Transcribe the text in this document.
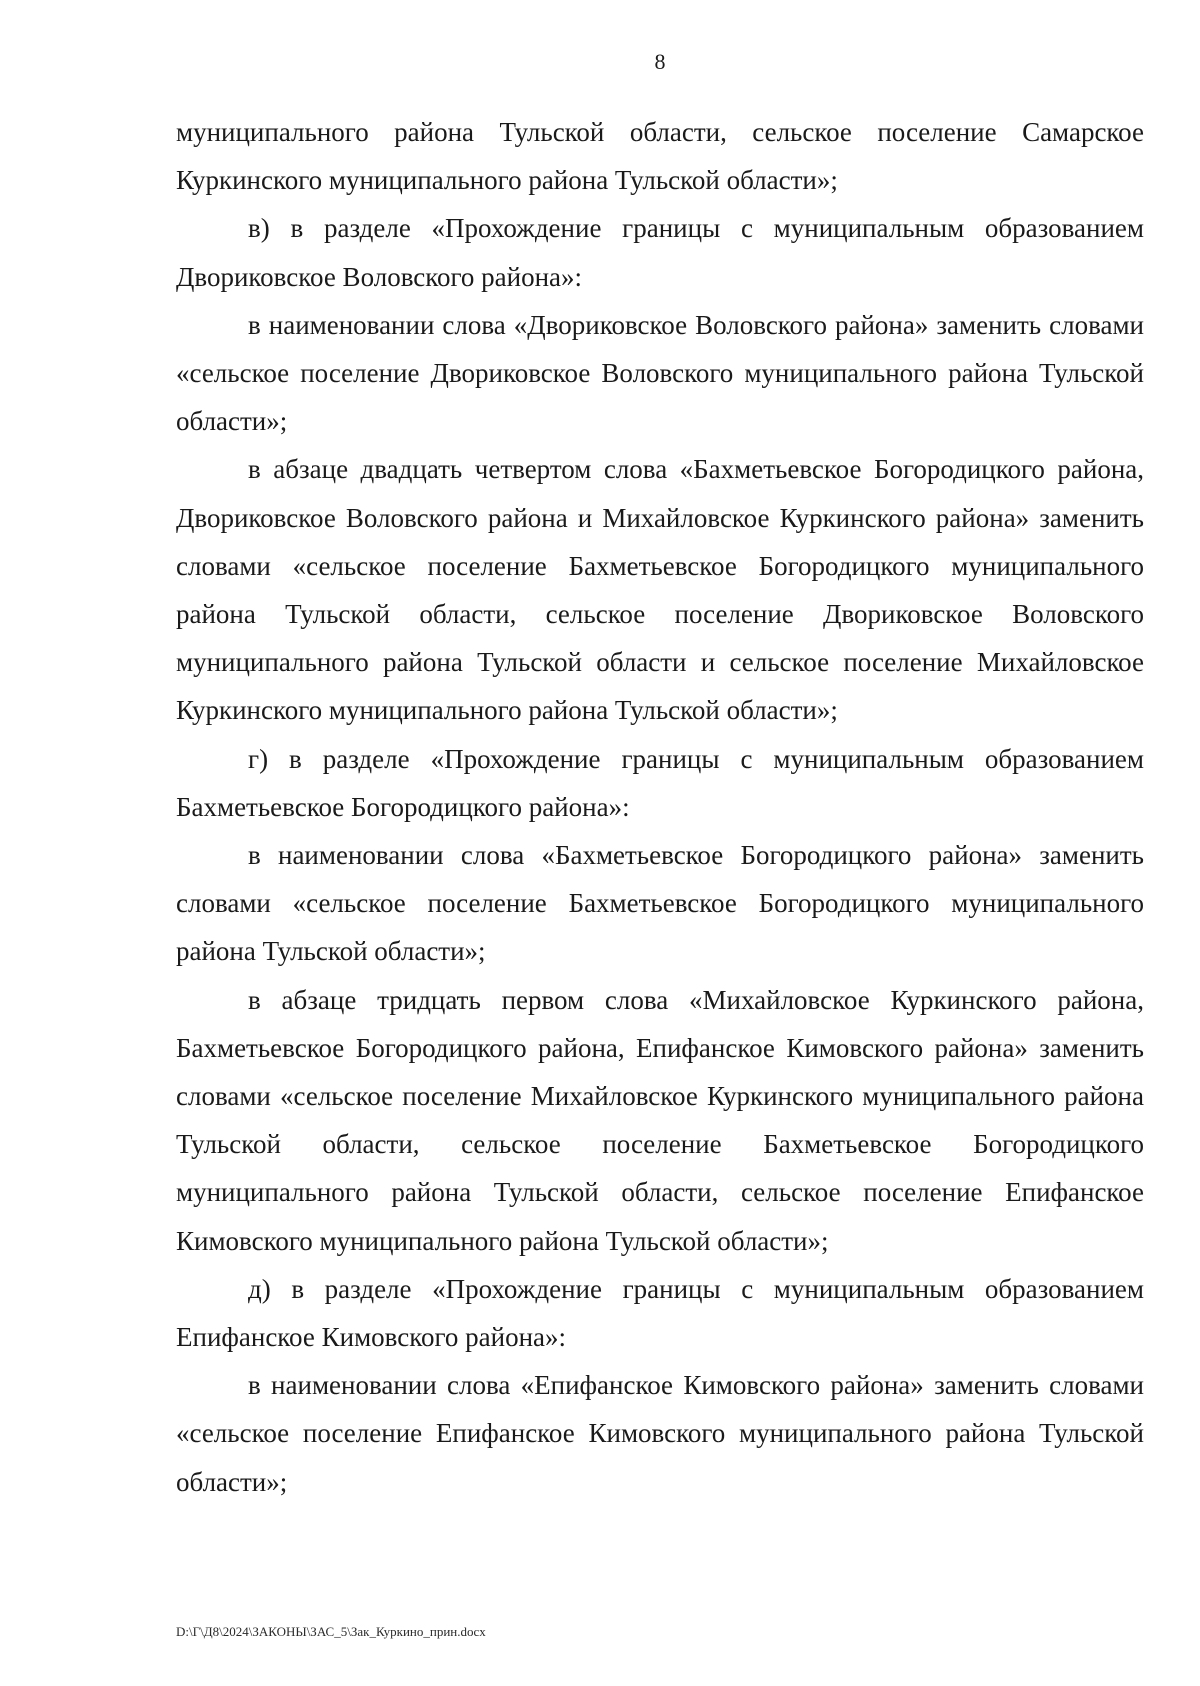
8

муниципального района Тульской области, сельское поселение Самарское Куркинского муниципального района Тульской области»;

в) в разделе «Прохождение границы с муниципальным образованием Двориковское Воловского района»:

в наименовании слова «Двориковское Воловского района» заменить словами «сельское поселение Двориковское Воловского муниципального района Тульской области»;

в абзаце двадцать четвертом слова «Бахметьевское Богородицкого района, Двориковское Воловского района и Михайловское Куркинского района» заменить словами «сельское поселение Бахметьевское Богородицкого муниципального района Тульской области, сельское поселение Двориковское Воловского муниципального района Тульской области и сельское поселение Михайловское Куркинского муниципального района Тульской области»;

г) в разделе «Прохождение границы с муниципальным образованием Бахметьевское Богородицкого района»:

в наименовании слова «Бахметьевское Богородицкого района» заменить словами «сельское поселение Бахметьевское Богородицкого муниципального района Тульской области»;

в абзаце тридцать первом слова «Михайловское Куркинского района, Бахметьевское Богородицкого района, Епифанское Кимовского района» заменить словами «сельское поселение Михайловское Куркинского муниципального района Тульской области, сельское поселение Бахметьевское Богородицкого муниципального района Тульской области, сельское поселение Епифанское Кимовского муниципального района Тульской области»;

д) в разделе «Прохождение границы с муниципальным образованием Епифанское Кимовского района»:

в наименовании слова «Епифанское Кимовского района» заменить словами «сельское поселение Епифанское Кимовского муниципального района Тульской области»;

D:\Г\Д8\2024\ЗАКОНЫ\ЗАС_5\Зак_Куркино_прин.docx
